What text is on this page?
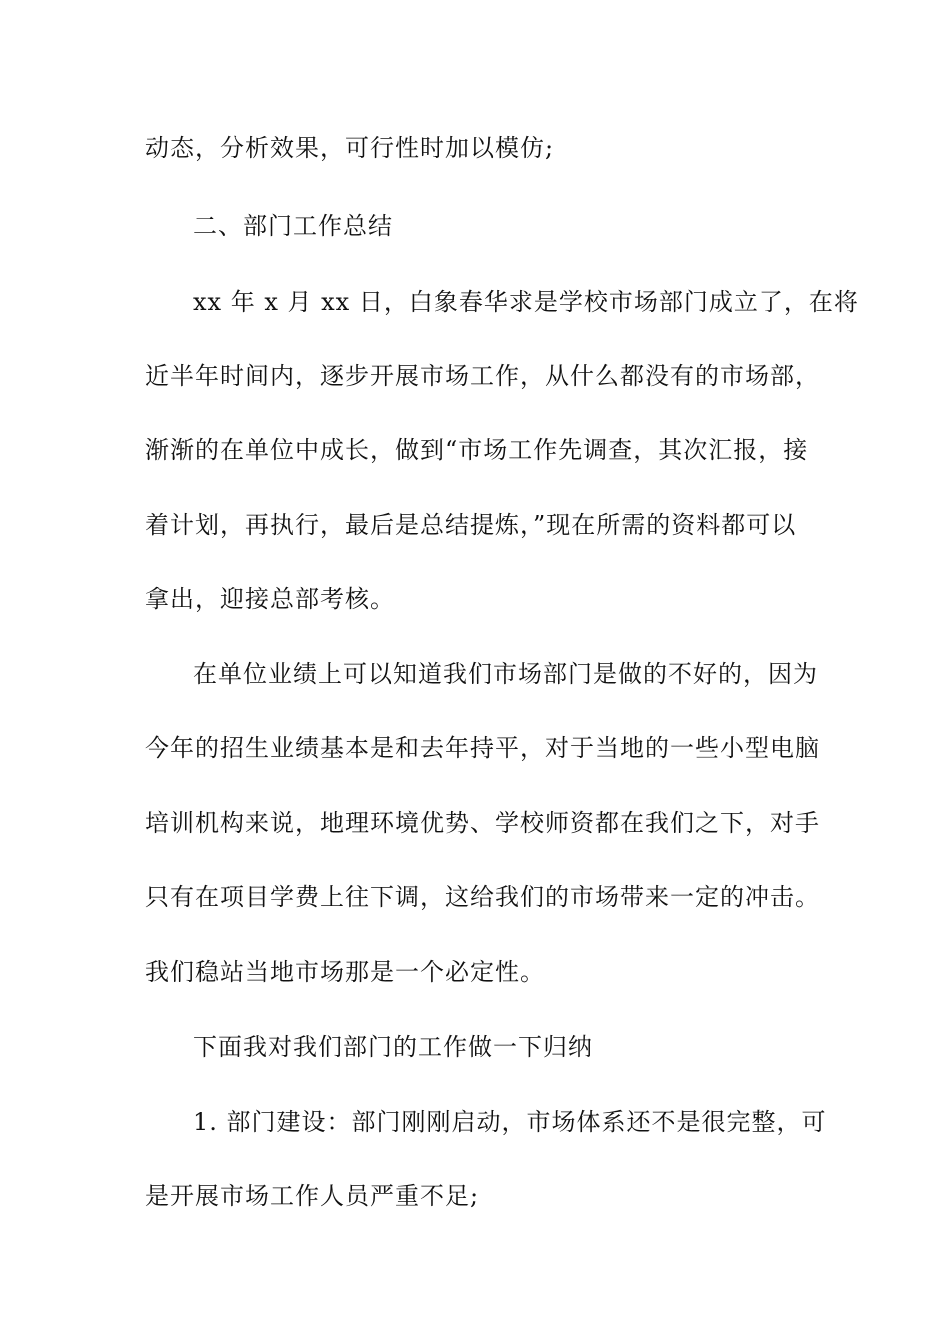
动态，分析效果，可行性时加以模仿;
二、部门工作总结
xx 年 x 月 xx 日，白象春华求是学校市场部门成立了，在将
近半年时间内，逐步开展市场工作，从什么都没有的市场部，
渐渐的在单位中成长，做到“市场工作先调查，其次汇报，接
着计划，再执行，最后是总结提炼，”现在所需的资料都可以
拿出，迎接总部考核。
在单位业绩上可以知道我们市场部门是做的不好的，因为
今年的招生业绩基本是和去年持平，对于当地的一些小型电脑
培训机构来说，地理环境优势、学校师资都在我们之下，对手
只有在项目学费上往下调，这给我们的市场带来一定的冲击。
我们稳站当地市场那是一个必定性。
下面我对我们部门的工作做一下归纳
1. 部门建设：部门刚刚启动，市场体系还不是很完整，可
是开展市场工作人员严重不足;
